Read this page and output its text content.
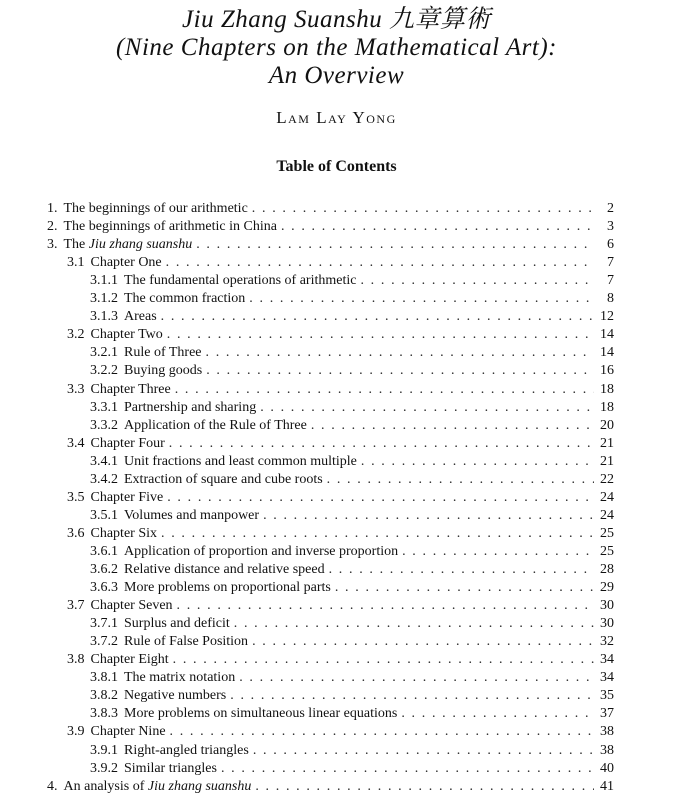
Jiu Zhang Suanshu 九章算術
(Nine Chapters on the Mathematical Art):
An Overview
Lam Lay Yong
Table of Contents
1. The beginnings of our arithmetic . . .	2
2. The beginnings of arithmetic in China . . .	3
3. The Jiu zhang suanshu . . .	6
3.1 Chapter One . . .	7
3.1.1 The fundamental operations of arithmetic . . .	7
3.1.2 The common fraction . . .	8
3.1.3 Areas . . .	12
3.2 Chapter Two . . .	14
3.2.1 Rule of Three . . .	14
3.2.2 Buying goods . . .	16
3.3 Chapter Three . . .	18
3.3.1 Partnership and sharing . . .	18
3.3.2 Application of the Rule of Three . . .	20
3.4 Chapter Four . . .	21
3.4.1 Unit fractions and least common multiple . . .	21
3.4.2 Extraction of square and cube roots . . .	22
3.5 Chapter Five . . .	24
3.5.1 Volumes and manpower . . .	24
3.6 Chapter Six . . .	25
3.6.1 Application of proportion and inverse proportion . . .	25
3.6.2 Relative distance and relative speed . . .	28
3.6.3 More problems on proportional parts . . .	29
3.7 Chapter Seven . . .	30
3.7.1 Surplus and deficit . . .	30
3.7.2 Rule of False Position . . .	32
3.8 Chapter Eight . . .	34
3.8.1 The matrix notation . . .	34
3.8.2 Negative numbers . . .	35
3.8.3 More problems on simultaneous linear equations . . .	37
3.9 Chapter Nine . . .	38
3.9.1 Right-angled triangles . . .	38
3.9.2 Similar triangles . . .	40
4. An analysis of Jiu zhang suanshu . . .	41
